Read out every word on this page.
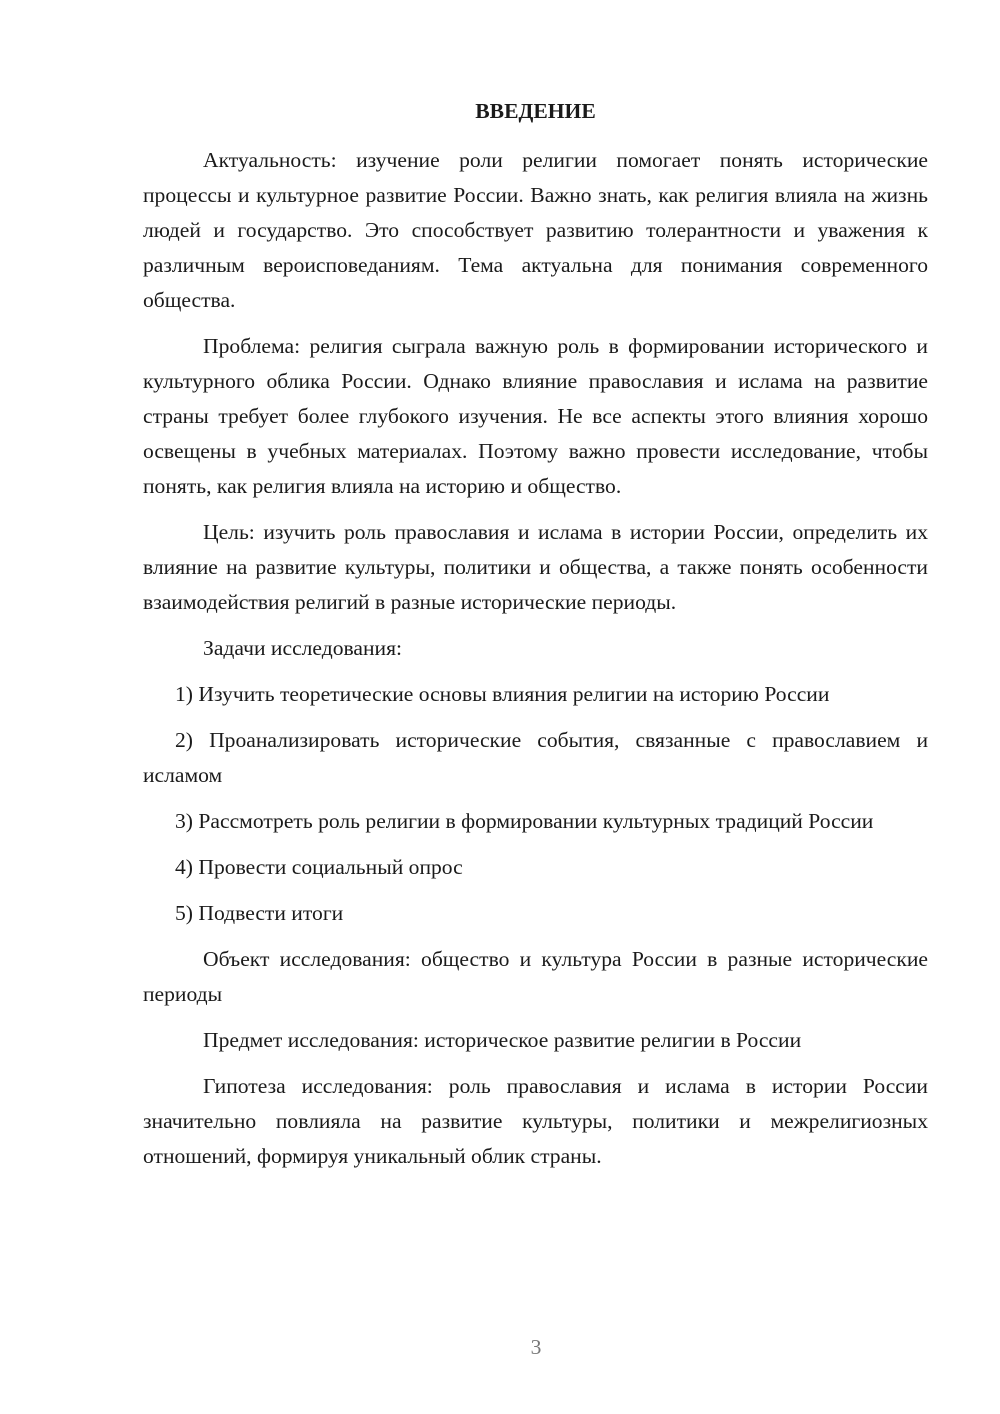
ВВЕДЕНИЕ

Актуальность: изучение роли религии помогает понять исторические процессы и культурное развитие России. Важно знать, как религия влияла на жизнь людей и государство. Это способствует развитию толерантности и уважения к различным вероисповеданиям. Тема актуальна для понимания современного общества.

Проблема: религия сыграла важную роль в формировании исторического и культурного облика России. Однако влияние православия и ислама на развитие страны требует более глубокого изучения. Не все аспекты этого влияния хорошо освещены в учебных материалах. Поэтому важно провести исследование, чтобы понять, как религия влияла на историю и общество.

Цель: изучить роль православия и ислама в истории России, определить их влияние на развитие культуры, политики и общества, а также понять особенности взаимодействия религий в разные исторические периоды.

Задачи исследования:

1) Изучить теоретические основы влияния религии на историю России

2) Проанализировать исторические события, связанные с православием и исламом

3) Рассмотреть роль религии в формировании культурных традиций России

4) Провести социальный опрос

5) Подвести итоги

Объект исследования: общество и культура России в разные исторические периоды

Предмет исследования: историческое развитие религии в России

Гипотеза исследования: роль православия и ислама в истории России значительно повлияла на развитие культуры, политики и межрелигиозных отношений, формируя уникальный облик страны.

3
